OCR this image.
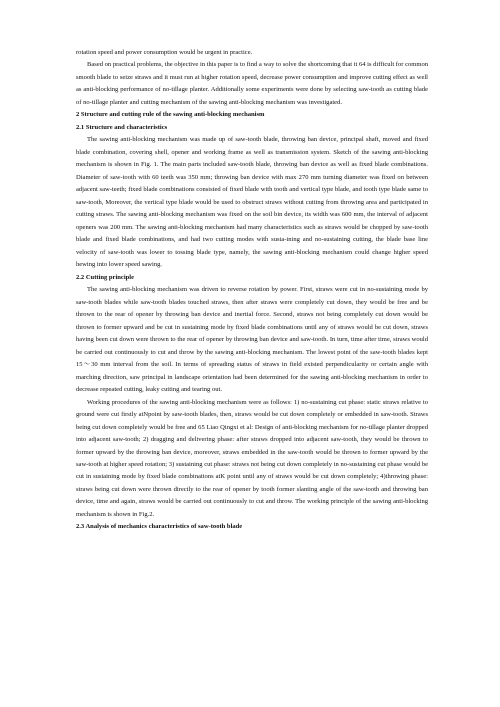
rotation speed and power consumption would be urgent in practice.

Based on practical problems, the objective in this paper is to find a way to solve the shortcoming that it 64 is difficult for common smooth blade to seize straws and it must run at higher rotation speed, decrease power consumption and improve cutting effect as well as anti-blocking performance of no-tillage planter. Additionally some experiments were done by selecting saw-tooth as cutting blade of no-tillage planter and cutting mechanism of the sawing anti-blocking mechanism was investigated.

2 Structure and cutting rule of the sawing anti-blocking mechanism

2.1 Structure and characteristics

The sawing anti-blocking mechanism was made up of saw-tooth blade, throwing ban device, principal shaft, moved and fixed blade combination, covering shell, opener and working frame as well as transmission system. Sketch of the sawing anti-blocking mechanism is shown in Fig. 1. The main parts included saw-tooth blade, throwing ban device as well as fixed blade combinations. Diameter of saw-tooth with 60 teeth was 350 mm; throwing ban device with max 270 mm turning diameter was fixed on between adjacent saw-teeth; fixed blade combinations consisted of fixed blade with tooth and vertical type blade, and tooth type blade same to saw-tooth, Moreover, the vertical type blade would be used to obstruct straws without cutting from throwing area and participated in cutting straws. The sawing anti-blocking mechanism was fixed on the soil bin device, its width was 600 mm, the interval of adjacent openers was 200 mm. The sawing anti-blocking mechanism had many characteristics such as straws would be chopped by saw-tooth blade and fixed blade combinations, and had two cutting modes with susta-ining and no-sustaining cutting, the blade base line velocity of saw-tooth was lower to tossing blade type, namely, the sawing anti-blocking mechanism could change higher speed hewing into lower speed sawing.

2.2 Cutting principle

The sawing anti-blocking mechanism was driven to reverse rotation by power. First, straws were cut in no-sustaining mode by saw-tooth blades while saw-tooth blades touched straws, then after straws were completely cut down, they would be free and be thrown to the rear of opener by throwing ban device and inertial force. Second, straws not being completely cut down would be thrown to former upward and be cut in sustaining mode by fixed blade combinations until any of straws would be cut down, straws having been cut down were thrown to the rear of opener by throwing ban device and saw-tooth. In turn, time after time, straws would be carried out continuously to cut and throw by the sawing anti-blocking mechanism. The lowest point of the saw-tooth blades kept 15～30 mm interval from the soil. In terms of spreading status of straws in field existed perpendicularity or certain angle with marching direction, saw principal in landscape orientation had been determined for the sawing anti-blocking mechanism in order to decrease repeated cutting, leaky cutting and tearing out.

Working procedures of the sawing anti-blocking mechanism were as follows: 1) no-sustaining cut phase: static straws relative to ground were cut firstly atNpoint by saw-tooth blades, then, straws would be cut down completely or embedded in saw-tooth. Straws being cut down completely would be free and 65 Liao Qingxi et al: Design of anti-blocking mechanism for no-tillage planter dropped into adjacent saw-tooth; 2) dragging and delivering phase: after straws dropped into adjacent saw-tooth, they would be thrown to former upward by the throwing ban device, moreover, straws embedded in the saw-tooth would be thrown to former upward by the saw-tooth at higher speed rotation; 3) sustaining cut phase: straws not being cut down completely in no-sustaining cut phase would be cut in sustaining mode by fixed blade combinations atK point until any of straws would be cut down completely; 4)throwing phase: straws being cut down were thrown directly to the rear of opener by tooth former slanting angle of the saw-tooth and throwing ban device, time and again, straws would be carried out continuously to cut and throw. The working principle of the sawing anti-blocking mechanism is shown in Fig.2.

2.3 Analysis of mechanics characteristics of saw-tooth blade
